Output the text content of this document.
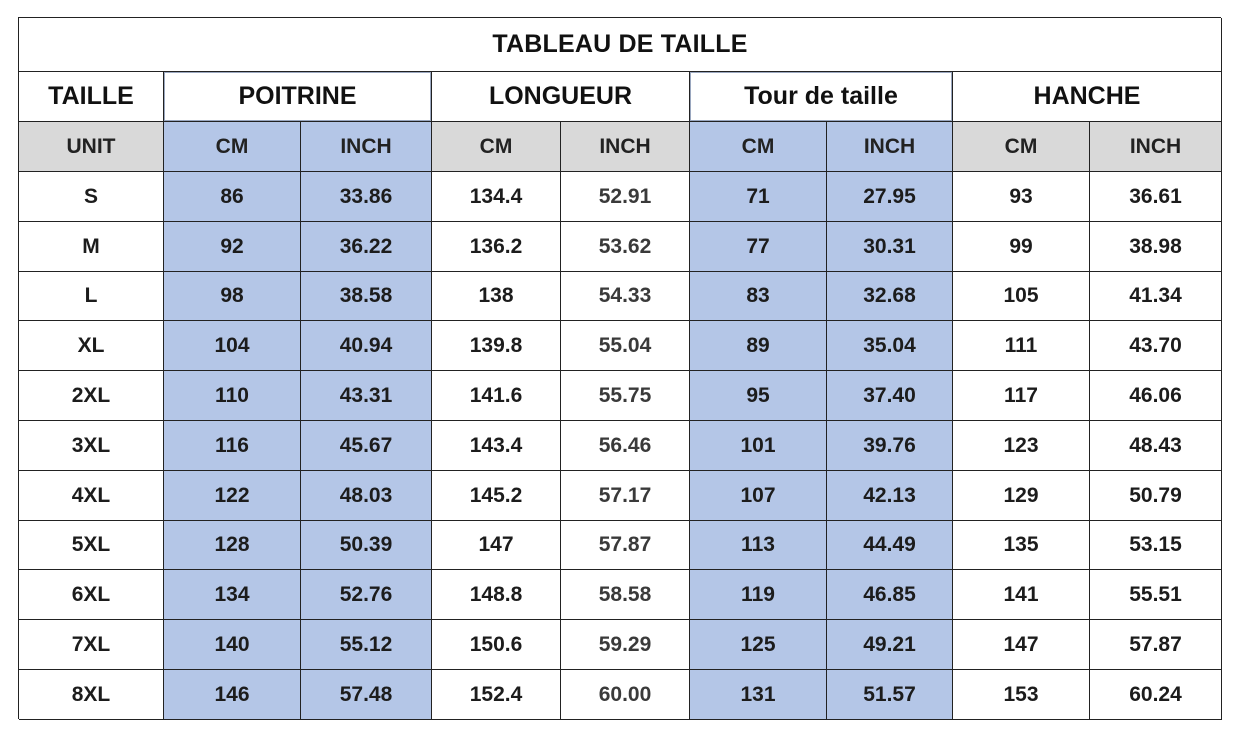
TABLEAU DE TAILLE
TAILLE	POITRINE	LONGUEUR	Tour de taille	HANCHE
UNIT	CM	INCH	CM	INCH	CM	INCH	CM	INCH
S	86	33.86	134.4	52.91	71	27.95	93	36.61
M	92	36.22	136.2	53.62	77	30.31	99	38.98
L	98	38.58	138	54.33	83	32.68	105	41.34
XL	104	40.94	139.8	55.04	89	35.04	111	43.70
2XL	110	43.31	141.6	55.75	95	37.40	117	46.06
3XL	116	45.67	143.4	56.46	101	39.76	123	48.43
4XL	122	48.03	145.2	57.17	107	42.13	129	50.79
5XL	128	50.39	147	57.87	113	44.49	135	53.15
6XL	134	52.76	148.8	58.58	119	46.85	141	55.51
7XL	140	55.12	150.6	59.29	125	49.21	147	57.87
8XL	146	57.48	152.4	60.00	131	51.57	153	60.24
